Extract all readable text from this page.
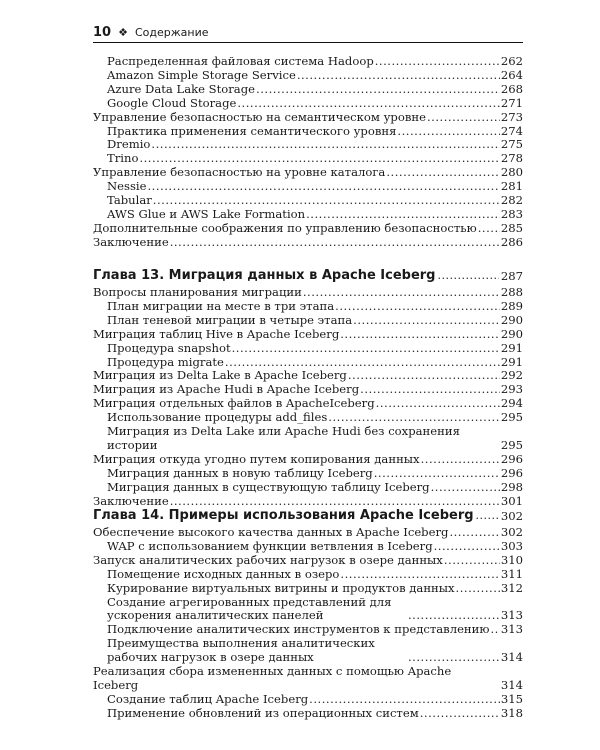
10 ❖ Содержание
Распределенная файловая система Hadoop .....	262
Amazon Simple Storage Service .....	264
Azure Data Lake Storage .....	268
Google Cloud Storage .....	271
Управление безопасностью на семантическом уровне .....	273
Практика применения семантического уровня .....	274
Dremio .....	275
Trino .....	278
Управление безопасностью на уровне каталога .....	280
Nessie .....	281
Tabular .....	282
AWS Glue и AWS Lake Formation .....	283
Дополнительные соображения по управлению безопасностью ..... 285
Заключение .....	286
Глава 13. Миграция данных в Apache Iceberg .....	287
Вопросы планирования миграции .....	288
План миграции на месте в три этапа .....	289
План теневой миграции в четыре этапа .....	290
Миграция таблиц Hive в Apache Iceberg .....	290
Процедура snapshot .....	291
Процедура migrate .....	291
Миграция из Delta Lake в Apache Iceberg .....	292
Миграция из Apache Hudi в Apache Iceberg .....	293
Миграция отдельных файлов в ApacheIceberg .....	294
Использование процедуры add_files .....	295
Миграция из Delta Lake или Apache Hudi без сохранения истории	295
Миграция откуда угодно путем копирования данных .....	296
Миграция данных в новую таблицу Iceberg .....	296
Миграция данных в существующую таблицу Iceberg .....	298
Заключение .....	301
Глава 14. Примеры использования Apache Iceberg ..... 302
Обеспечение высокого качества данных в Apache Iceberg .....	302
WAP с использованием функции ветвления в Iceberg .....	303
Запуск аналитических рабочих нагрузок в озере данных .....	310
Помещение исходных данных в озеро .....	311
Курирование виртуальных витрины и продуктов данных .....	312
Создание агрегированных представлений для ускорения аналитических панелей .....	313
Подключение аналитических инструментов к представлению ..... 313
Преимущества выполнения аналитических рабочих нагрузок в озере данных .....	314
Реализация сбора измененных данных с помощью Apache Iceberg	314
Создание таблиц Apache Iceberg .....	315
Применение обновлений из операционных систем .....	318
